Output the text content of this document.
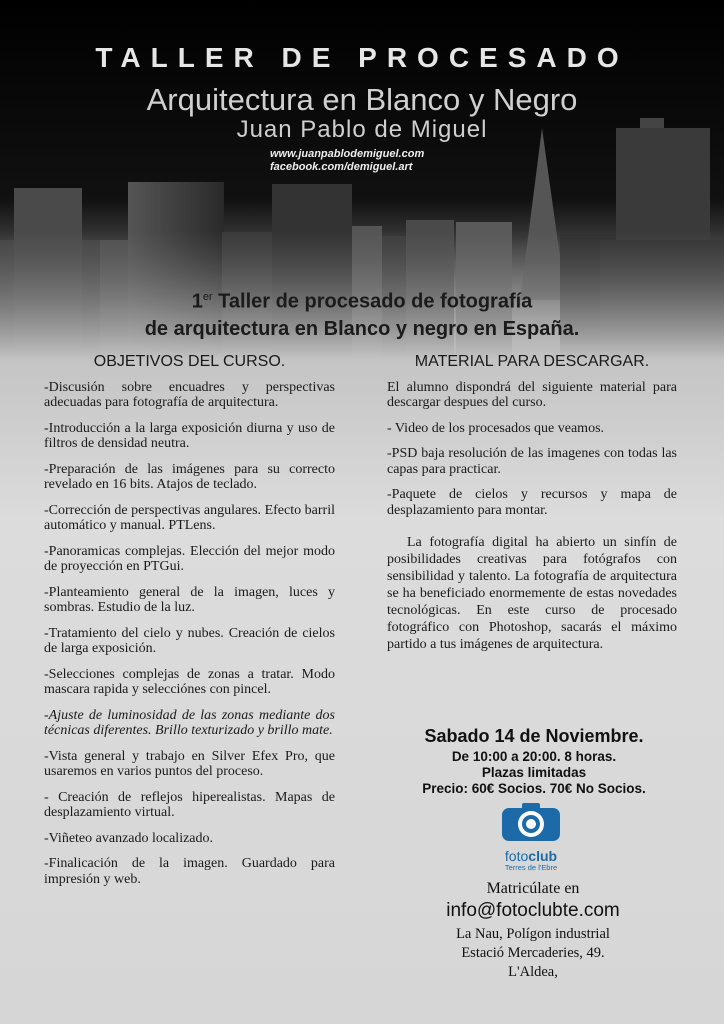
TALLER DE PROCESADO
Arquitectura en Blanco y Negro
Juan Pablo de Miguel
www.juanpablodemiguel.com
facebook.com/demiguel.art
1er Taller de procesado de fotografía
de arquitectura en Blanco y negro en España.
OBJETIVOS DEL CURSO.
-Discusión sobre encuadres y perspectivas adecuadas para fotografía de arquitectura.
-Introducción a la larga exposición diurna y uso de filtros de densidad neutra.
-Preparación de las imágenes para su correcto revelado en 16 bits. Atajos de teclado.
-Corrección de perspectivas angulares. Efecto barril automático y manual. PTLens.
-Panoramicas complejas. Elección del mejor modo de proyección en PTGui.
-Planteamiento general de la imagen, luces y sombras. Estudio de la luz.
-Tratamiento del cielo y nubes. Creación de cielos de larga exposición.
-Selecciones complejas de zonas a tratar. Modo mascara rapida y selecciónes con pincel.
-Ajuste de luminosidad de las zonas mediante dos técnicas diferentes. Brillo texturizado y brillo mate.
-Vista general y trabajo en Silver Efex Pro, que usaremos en varios puntos del proceso.
- Creación de reflejos hiperealistas. Mapas de desplazamiento virtual.
-Viñeteo avanzado localizado.
-Finalicación de la imagen. Guardado para impresión y web.
MATERIAL PARA DESCARGAR.
El alumno dispondrá del siguiente material para descargar despues del curso.
- Video de los procesados que veamos.
-PSD baja resolución de las imagenes con todas las capas para practicar.
-Paquete de cielos y recursos y mapa de desplazamiento para montar.
La fotografía digital ha abierto un sinfín de posibilidades creativas para fotógrafos con sensibilidad y talento. La fotografía de arquitectura se ha beneficiado enormemente de estas novedades tecnológicas. En este curso de procesado fotográfico con Photoshop, sacarás el máximo partido a tus imágenes de arquitectura.
Sabado 14 de Noviembre.
De 10:00 a 20:00. 8 horas.
Plazas limitadas
Precio: 60€ Socios. 70€ No Socios.
fotoclub
Terres de l'Ebre
Matricúlate en
info@fotoclubte.com
La Nau, Polígon industrial
Estació Mercaderies, 49.
L'Aldea,
